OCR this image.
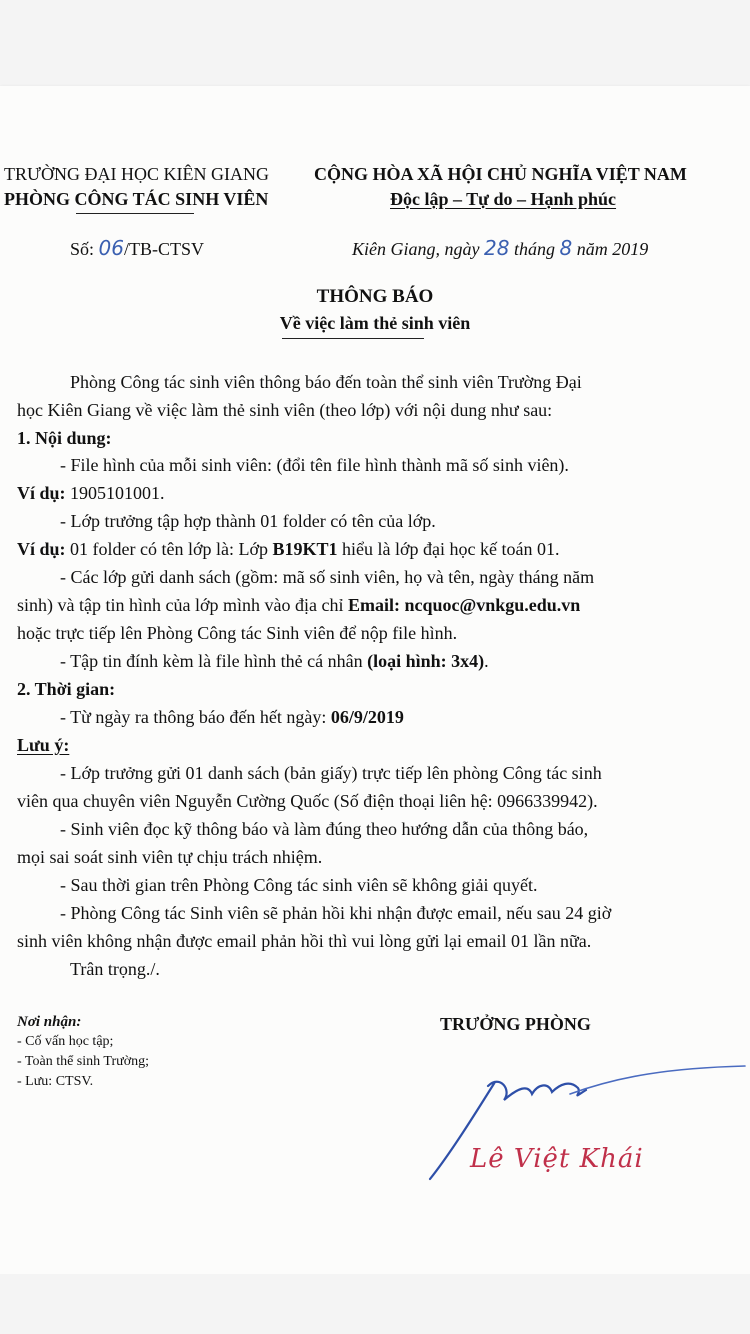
TRƯỜNG ĐẠI HỌC KIÊN GIANG
PHÒNG CÔNG TÁC SINH VIÊN
CỘNG HÒA XÃ HỘI CHỦ NGHĨA VIỆT NAM
Độc lập – Tự do – Hạnh phúc
Số: 06/TB-CTSV	Kiên Giang, ngày 28 tháng 8 năm 2019
THÔNG BÁO
Về việc làm thẻ sinh viên
Phòng Công tác sinh viên thông báo đến toàn thể sinh viên Trường Đại
học Kiên Giang về việc làm thẻ sinh viên (theo lớp) với nội dung như sau:
1. Nội dung:
- File hình của mỗi sinh viên: (đổi tên file hình thành mã số sinh viên).
Ví dụ: 1905101001.
- Lớp trưởng tập hợp thành 01 folder có tên của lớp.
Ví dụ: 01 folder có tên lớp là: Lớp B19KT1 hiểu là lớp đại học kế toán 01.
- Các lớp gửi danh sách (gồm: mã số sinh viên, họ và tên, ngày tháng năm
sinh) và tập tin hình của lớp mình vào địa chỉ Email: ncquoc@vnkgu.edu.vn
hoặc trực tiếp lên Phòng Công tác Sinh viên để nộp file hình.
- Tập tin đính kèm là file hình thẻ cá nhân (loại hình: 3x4).
2. Thời gian:
- Từ ngày ra thông báo đến hết ngày: 06/9/2019
Lưu ý:
- Lớp trưởng gửi 01 danh sách (bản giấy) trực tiếp lên phòng Công tác sinh
viên qua chuyên viên Nguyễn Cường Quốc (Số điện thoại liên hệ: 0966339942).
- Sinh viên đọc kỹ thông báo và làm đúng theo hướng dẫn của thông báo,
mọi sai soát sinh viên tự chịu trách nhiệm.
- Sau thời gian trên Phòng Công tác sinh viên sẽ không giải quyết.
- Phòng Công tác Sinh viên sẽ phản hồi khi nhận được email, nếu sau 24 giờ
sinh viên không nhận được email phản hồi thì vui lòng gửi lại email 01 lần nữa.
Trân trọng./.
Nơi nhận:
- Cố vấn học tập;
- Toàn thể sinh Trường;
- Lưu: CTSV.
TRƯỞNG PHÒNG
Lê Việt Khái
